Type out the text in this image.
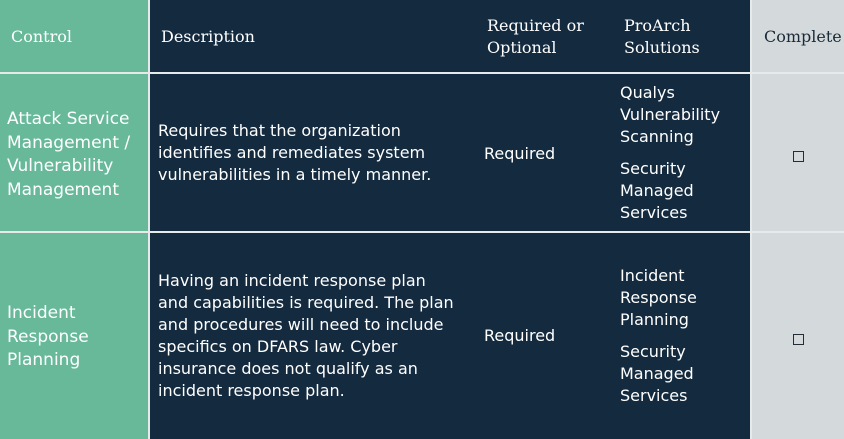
Control	Description
Required or
Optional
ProArch
Solutions
Complete
Attack Service
Management /
Vulnerability
Management
Requires that the organization
identifies and remediates system
vulnerabilities in a timely manner.
Required
Qualys
Vulnerability
Scanning
Security
Managed
Services
Incident
Response
Planning
Having an incident response plan
and capabilities is required. The plan
and procedures will need to include
specifics on DFARS law. Cyber
insurance does not qualify as an
incident response plan.
Required
Incident
Response
Planning
Security
Managed
Services
